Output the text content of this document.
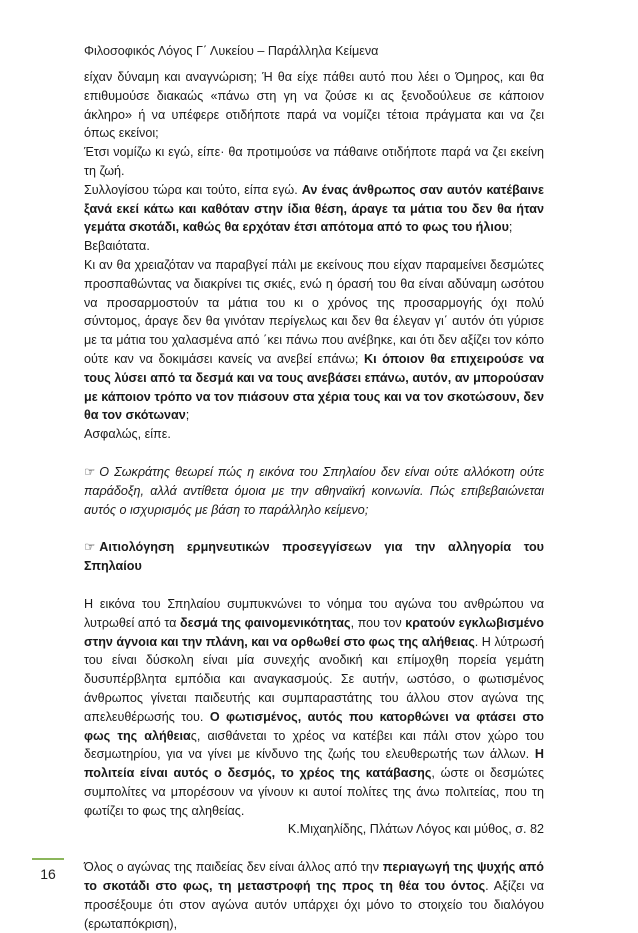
Φιλοσοφικός Λόγος Γ΄ Λυκείου – Παράλληλα Κείμενα

είχαν δύναμη και αναγνώριση; Ή θα είχε πάθει αυτό που λέει ο Όμηρος, και θα επιθυμούσε διακαώς «πάνω στη γη να ζούσε κι ας ξενοδούλευε σε κάποιον άκληρο» ή να υπέφερε οτιδήποτε παρά να νομίζει τέτοια πράγματα και να ζει όπως εκείνοι;

Έτσι νομίζω κι εγώ, είπε· θα προτιμούσε να πάθαινε οτιδήποτε παρά να ζει εκείνη τη ζωή.

Συλλογίσου τώρα και τούτο, είπα εγώ. Αν ένας άνθρωπος σαν αυτόν κατέβαινε ξανά εκεί κάτω και καθόταν στην ίδια θέση, άραγε τα μάτια του δεν θα ήταν γεμάτα σκοτάδι, καθώς θα ερχόταν έτσι απότομα από το φως του ήλιου;

Βεβαιότατα.

Κι αν θα χρειαζόταν να παραβγεί πάλι με εκείνους που είχαν παραμείνει δεσμώτες προσπαθώντας να διακρίνει τις σκιές, ενώ η όρασή του θα είναι αδύναμη ωσότου να προσαρμοστούν τα μάτια του κι ο χρόνος της προσαρμογής όχι πολύ σύντομος, άραγε δεν θα γινόταν περίγελως και δεν θα έλεγαν γι΄ αυτόν ότι γύρισε με τα μάτια του χαλασμένα από ΄κει πάνω που ανέβηκε, και ότι δεν αξίζει τον κόπο ούτε καν να δοκιμάσει κανείς να ανεβεί επάνω; Κι όποιον θα επιχειρούσε να τους λύσει από τα δεσμά και να τους ανεβάσει επάνω, αυτόν, αν μπορούσαν με κάποιον τρόπο να τον πιάσουν στα χέρια τους και να τον σκοτώσουν, δεν θα τον σκότωναν;

Ασφαλώς, είπε.

☞ Ο Σωκράτης θεωρεί πώς η εικόνα του Σπηλαίου δεν είναι ούτε αλλόκοτη ούτε παράδοξη, αλλά αντίθετα όμοια με την αθηναϊκή κοινωνία. Πώς επιβεβαιώνεται αυτός ο ισχυρισμός με βάση το παράλληλο κείμενο;

☞ Αιτιολόγηση ερμηνευτικών προσεγγίσεων για την αλληγορία του Σπηλαίου

Η εικόνα του Σπηλαίου συμπυκνώνει το νόημα του αγώνα του ανθρώπου να λυτρωθεί από τα δεσμά της φαινομενικότητας, που τον κρατούν εγκλωβισμένο στην άγνοια και την πλάνη, και να ορθωθεί στο φως της αλήθειας. Η λύτρωσή του είναι δύσκολη είναι μία συνεχής ανοδική και επίμοχθη πορεία γεμάτη δυσυπέρβλητα εμπόδια και αναγκασμούς. Σε αυτήν, ωστόσο, ο φωτισμένος άνθρωπος γίνεται παιδευτής και συμπαραστάτης του άλλου στον αγώνα της απελευθέρωσής του. Ο φωτισμένος, αυτός που κατορθώνει να φτάσει στο φως της αλήθειας, αισθάνεται το χρέος να κατέβει και πάλι στον χώρο του δεσμωτηρίου, για να γίνει με κίνδυνο της ζωής του ελευθερωτής των άλλων. Η πολιτεία είναι αυτός ο δεσμός, το χρέος της κατάβασης, ώστε οι δεσμώτες συμπολίτες να μπορέσουν να γίνουν κι αυτοί πολίτες της άνω πολιτείας, που τη φωτίζει το φως της αληθείας.

Κ.Μιχαηλίδης, Πλάτων Λόγος και μύθος, σ. 82

Όλος ο αγώνας της παιδείας δεν είναι άλλος από την περιαγωγή της ψυχής από το σκοτάδι στο φως, τη μεταστροφή της προς τη θέα του όντος. Αξίζει να προσέξουμε ότι στον αγώνα αυτόν υπάρχει όχι μόνο το στοιχείο του διαλόγου (ερωταπόκριση),

16
